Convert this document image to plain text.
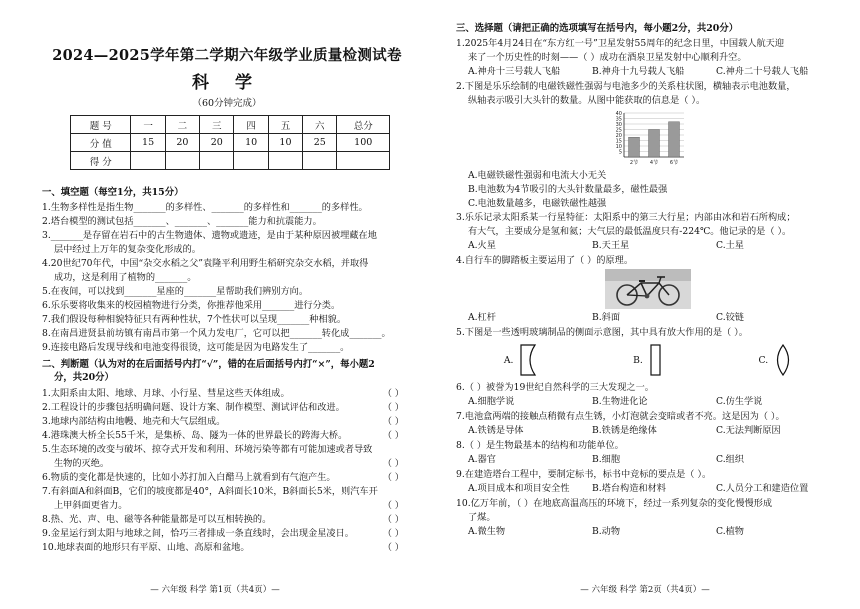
2024—2025学年第二学期六年级学业质量检测试卷
科 学
（60分钟完成）
题 号	一	二	三	四	五	六	总分
分 值	15	20	20	10	10	25	100
得 分							
一、填空题（每空1分，共15分）
1.生物多样性是指生物_______的多样性、_______的多样性和_______的多样性。
2.塔台模型的测试包括_______、_______、_______能力和抗震能力。
3._______是存留在岩石中的古生物遗体、遗物或遗迹，是由于某种原因被埋藏在地
层中经过上万年的复杂变化形成的。
4.20世纪70年代，中国“杂交水稻之父”袁隆平利用野生稻研究杂交水稻，并取得
成功，这是利用了植物的_______。
5.在夜间，可以找到_______星座的_______星帮助我们辨别方向。
6.乐乐要将收集来的校园植物进行分类，你推荐他采用_______进行分类。
7.我们假设每种相貌特征只有两种性状，7个性状可以呈现_______种相貌。
8.在南昌进贤县前坊镇有南昌市第一个风力发电厂，它可以把_______转化成_______。
9.连接电路后发现导线和电池变得很烫，这可能是因为电路发生了_______。
二、判断题（认为对的在后面括号内打“√”，错的在后面括号内打“×”，每小题2
分，共20分）
1.太阳系由太阳、地球、月球、小行星、彗星这些天体组成。	（ ）
2.工程设计的步骤包括明确问题、设计方案、制作模型、测试评估和改进。	（ ）
3.地球内部结构由地幔、地壳和大气层组成。	（ ）
4.港珠澳大桥全长55千米，是集桥、岛、隧为一体的世界最长的跨海大桥。	（ ）
5.生态环境的改变与破坏、掠夺式开发和利用、环境污染等都有可能加速或者导致
生物的灭绝。	（ ）
6.物质的变化都是快速的，比如小苏打加入白醋马上就看到有气泡产生。	（ ）
7.有斜面A和斜面B，它们的坡度都是40°，A斜面长10米，B斜面长5米，则汽车开
上甲斜面更省力。	（ ）
8.热、光、声、电、磁等各种能量都是可以互相转换的。	（ ）
9.金星运行到太阳与地球之间，恰巧三者排成一条直线时，会出现金星凌日。	（ ）
10.地球表面的地形只有平原、山地、高原和盆地。	（ ）
— 六年级 科学 第1页（共4页）—
三、选择题（请把正确的选项填写在括号内，每小题2分，共20分）
1.2025年4月24日在“东方红一号”卫星发射55周年的纪念日里，中国载人航天迎
来了一个历史性的时刻——（ ）成功在酒泉卫星发射中心顺利升空。
A.神舟十三号载人飞船	B.神舟十九号载人飞船	C.神舟二十号载人飞船
2.下图是乐乐绘制的电磁铁磁性强弱与电池多少的关系柱状图，横轴表示电池数量，
纵轴表示吸引大头针的数量。从图中能获取的信息是（ ）。
40
35
30
25
20
15
10
5
2节 4节 6节
A.电磁铁磁性强弱和电流大小无关
B.电池数为4节吸引的大头针数量最多，磁性最强
C.电池数量越多，电磁铁磁性越强
3.乐乐记录太阳系某一行星特征：太阳系中的第三大行星；内部由冰和岩石所构成；
有大气，主要成分是氢和氦；大气层的最低温度只有-224℃。他记录的是（ ）。
A.火星	B.天王星	C.土星
4.自行车的脚踏板主要运用了（ ）的原理。
A.杠杆	B.斜面	C.铰链
5.下图是一些透明玻璃制品的侧面示意图，其中具有放大作用的是（ ）。
A.	B.	C.
6.（ ）被誉为19世纪自然科学的三大发现之一。
A.细胞学说	B.生物进化论	C.仿生学说
7.电池盒两端的接触点稍微有点生锈，小灯泡就会变暗或者不亮。这是因为（ ）。
A.铁锈是导体	B.铁锈是绝缘体	C.无法判断原因
8.（ ）是生物最基本的结构和功能单位。
A.器官	B.细胞	C.组织
9.在建造塔台工程中，要制定标书，标书中竞标的要点是（ ）。
A.项目成本和项目安全性	B.塔台构造和材料	C.人员分工和建造位置
10.亿万年前，（ ）在地底高温高压的环境下，经过一系列复杂的变化慢慢形成
了煤。
A.微生物	B.动物	C.植物
— 六年级 科学 第2页（共4页）—
